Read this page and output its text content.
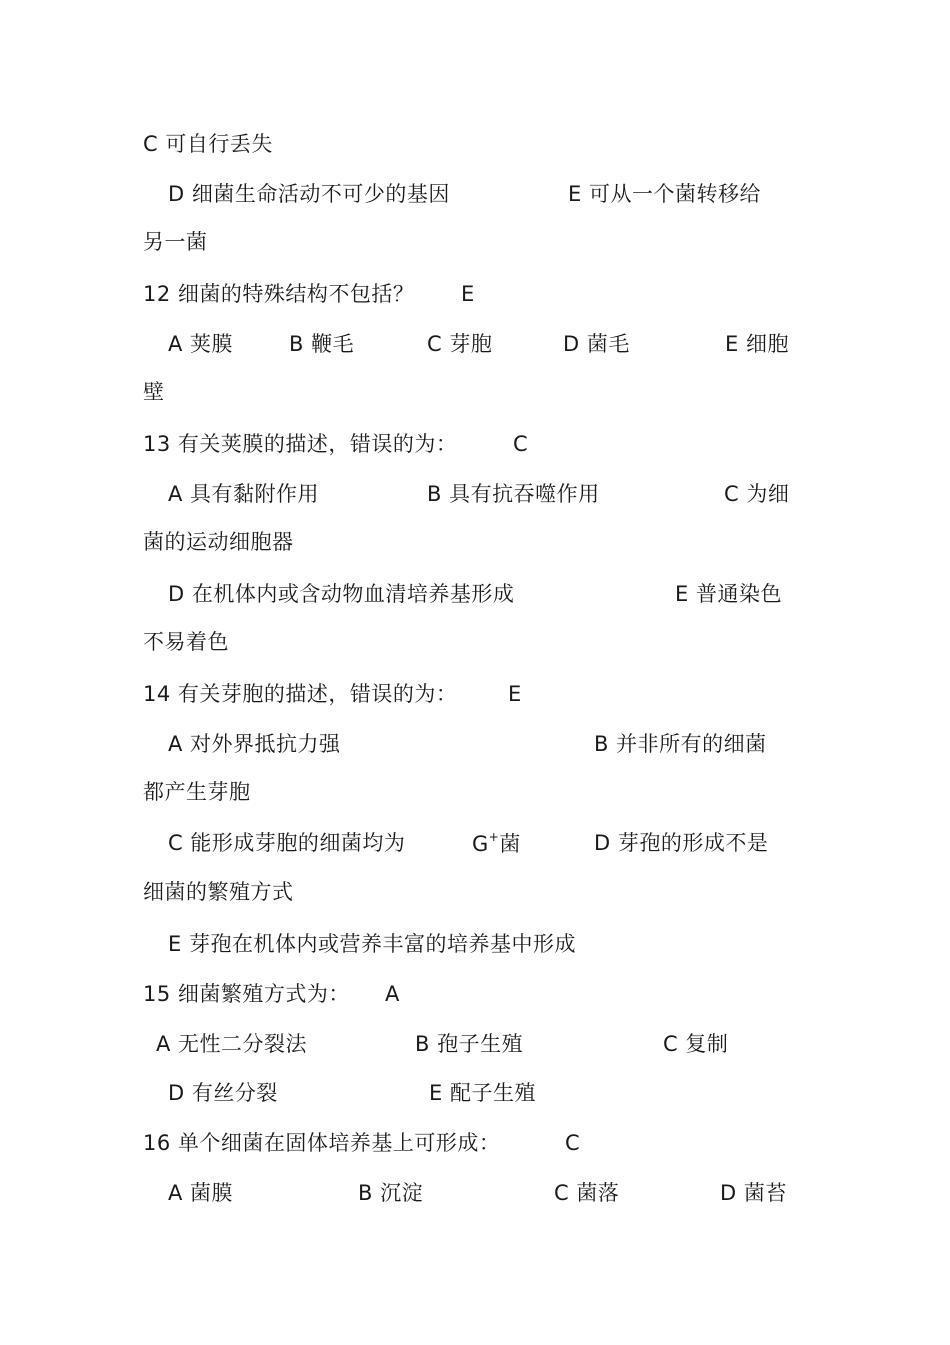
C 可自行丢失
D 细菌生命活动不可少的基因	E 可从一个菌转移给
另一菌
12 细菌的特殊结构不包括？ E
A 荚膜	B 鞭毛	C 芽胞	D 菌毛	E 细胞
壁
13 有关荚膜的描述，错误的为：	C
A 具有黏附作用	B 具有抗吞噬作用	C 为细
菌的运动细胞器
D 在机体内或含动物血清培养基形成	E 普通染色
不易着色
14 有关芽胞的描述，错误的为： E
A 对外界抵抗力强	B 并非所有的细菌
都产生芽胞
C 能形成芽胞的细菌均为	G+菌	D 芽孢的形成不是
细菌的繁殖方式
E 芽孢在机体内或营养丰富的培养基中形成
15 细菌繁殖方式为： A
A 无性二分裂法	B 孢子生殖	C 复制
D 有丝分裂	E 配子生殖
16 单个细菌在固体培养基上可形成：	C
A 菌膜	B 沉淀	C 菌落	D 菌苔
